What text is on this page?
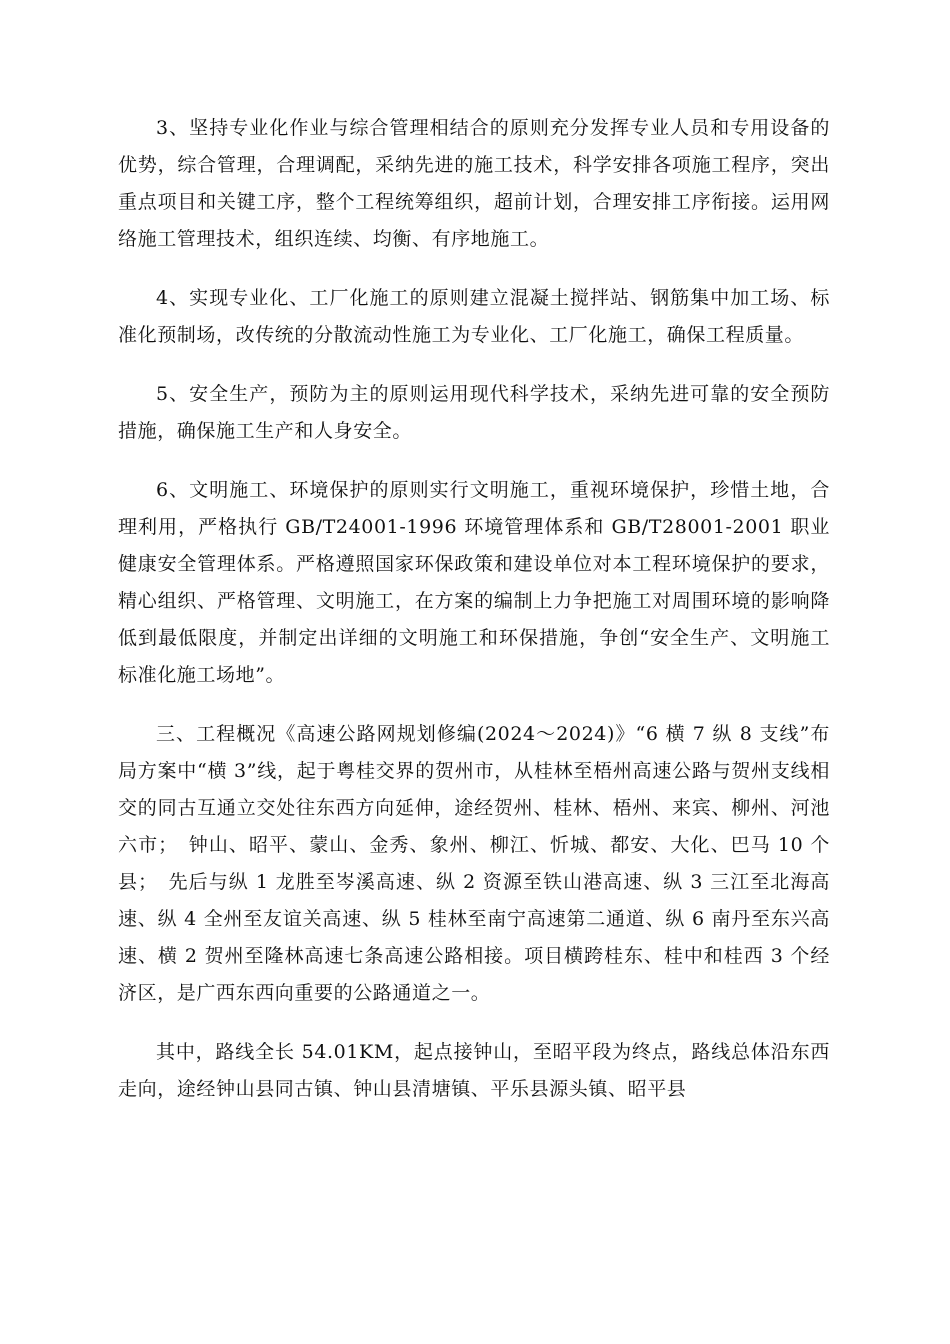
3、坚持专业化作业与综合管理相结合的原则充分发挥专业人员和专用设备的优势，综合管理，合理调配，采纳先进的施工技术，科学安排各项施工程序，突出重点项目和关键工序，整个工程统筹组织，超前计划，合理安排工序衔接。运用网络施工管理技术，组织连续、均衡、有序地施工。

4、实现专业化、工厂化施工的原则建立混凝土搅拌站、钢筋集中加工场、标准化预制场，改传统的分散流动性施工为专业化、工厂化施工，确保工程质量。

5、安全生产，预防为主的原则运用现代科学技术，采纳先进可靠的安全预防措施，确保施工生产和人身安全。

6、文明施工、环境保护的原则实行文明施工，重视环境保护，珍惜土地，合理利用，严格执行 GB/T24001-1996 环境管理体系和 GB/T28001-2001 职业健康安全管理体系。严格遵照国家环保政策和建设单位对本工程环境保护的要求，精心组织、严格管理、文明施工，在方案的编制上力争把施工对周围环境的影响降低到最低限度，并制定出详细的文明施工和环保措施，争创“安全生产、文明施工标准化施工场地”。

三、工程概况《高速公路网规划修编(2024～2024)》“6 横 7 纵 8 支线”布局方案中“横 3”线，起于粤桂交界的贺州市，从桂林至梧州高速公路与贺州支线相交的同古互通立交处往东西方向延伸，途经贺州、桂林、梧州、来宾、柳州、河池六市；　钟山、昭平、蒙山、金秀、象州、柳江、忻城、都安、大化、巴马 10 个县；　先后与纵 1 龙胜至岑溪高速、纵 2 资源至铁山港高速、纵 3 三江至北海高速、纵 4 全州至友谊关高速、纵 5 桂林至南宁高速第二通道、纵 6 南丹至东兴高速、横 2 贺州至隆林高速七条高速公路相接。项目横跨桂东、桂中和桂西 3 个经济区，是广西东西向重要的公路通道之一。

其中，路线全长 54.01KM，起点接钟山，至昭平段为终点，路线总体沿东西走向，途经钟山县同古镇、钟山县清塘镇、平乐县源头镇、昭平县
